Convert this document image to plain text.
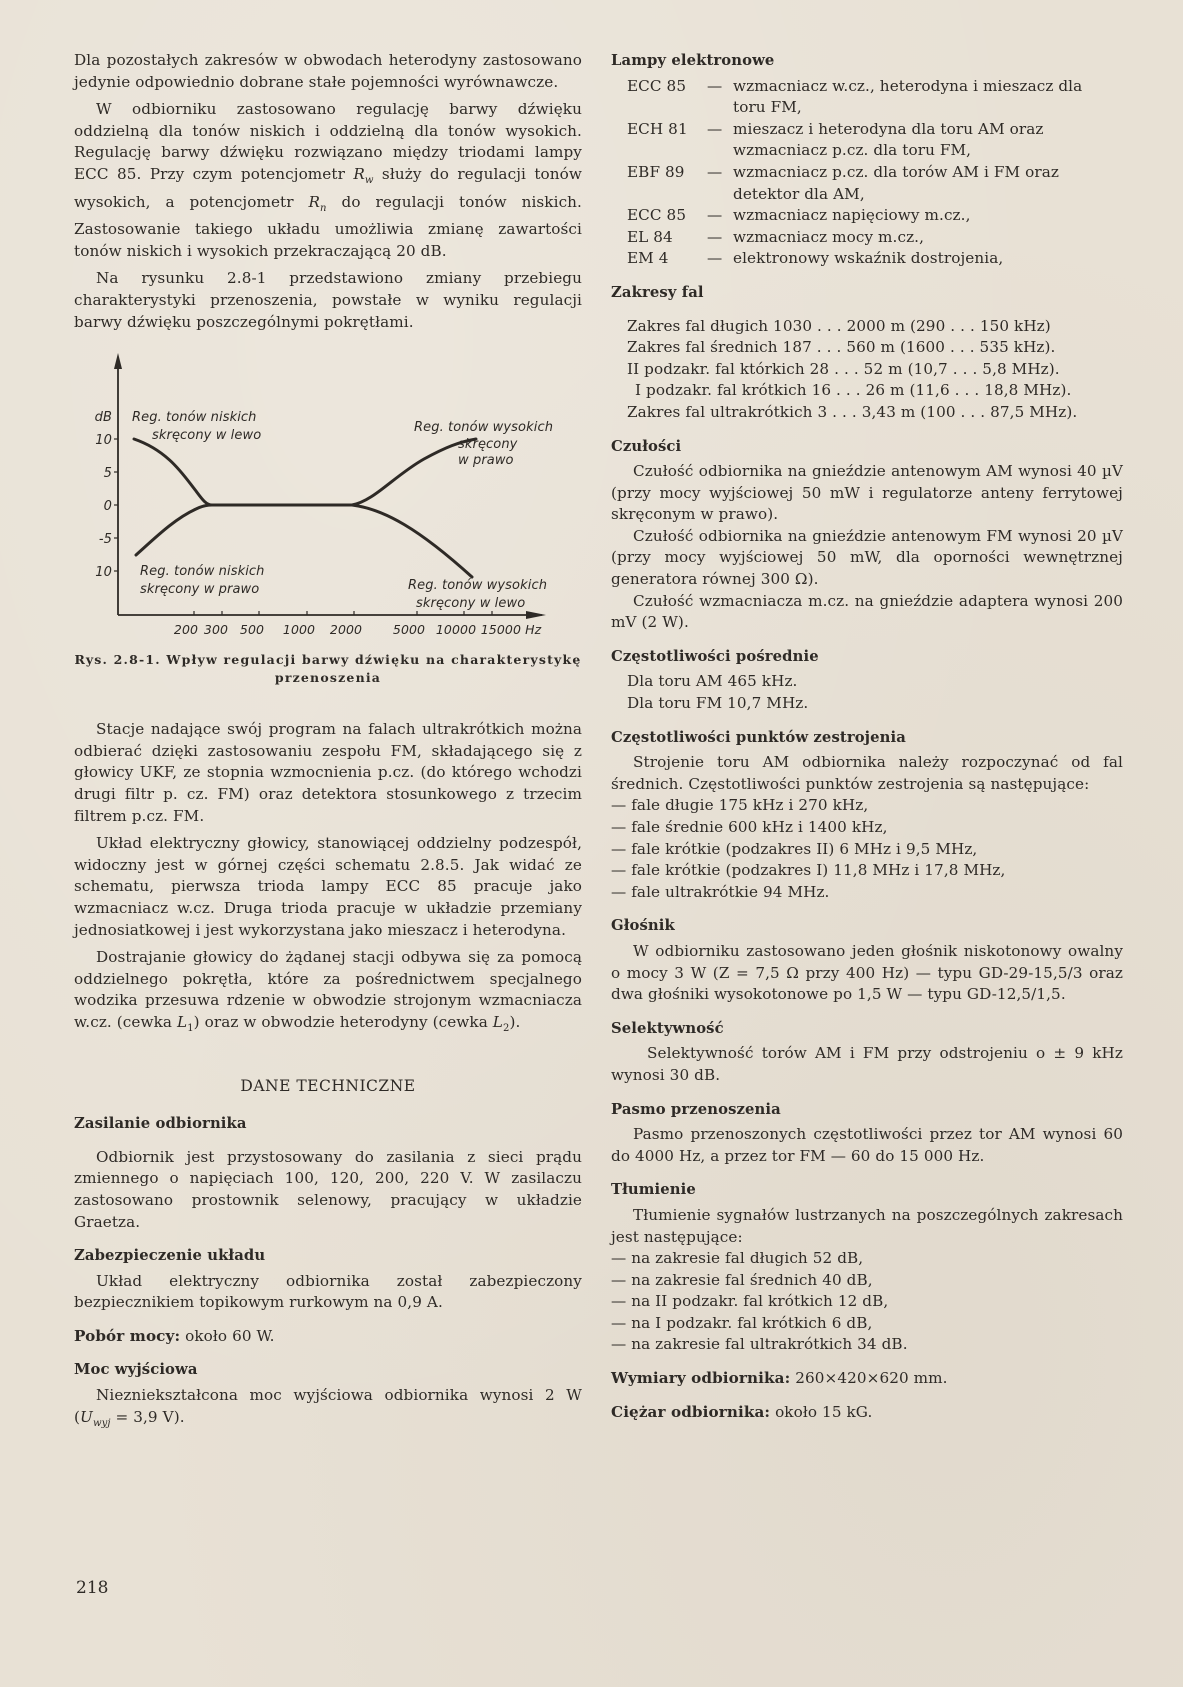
Dla pozostałych zakresów w obwodach heterodyny zastosowano jedynie odpowiednio dobrane stałe pojemności wyrównawcze.

W odbiorniku zastosowano regulację barwy dźwięku oddzielną dla tonów niskich i oddzielną dla tonów wysokich. Regulację barwy dźwięku rozwiązano między triodami lampy ECC 85. Przy czym potencjometr $R_w$ służy do regulacji tonów wysokich, a potencjometr $R_n$ do regulacji tonów niskich. Zastosowanie takiego układu umożliwia zmianę zawartości tonów niskich i wysokich przekraczającą 20 dB.

Na rysunku 2.8-1 przedstawiono zmiany przebiegu charakterystyki przenoszenia, powstałe w wyniku regulacji barwy dźwięku poszczególnymi pokrętłami.

dB
10
5
0
-5
10
200 300 500 1000 2000 5000 10000 15000 Hz
Reg. tonów niskich
skręcony w lewo
Reg. tonów niskich
skręcony w prawo
Reg. tonów wysokich
skręcony
w prawo
Reg. tonów wysokich
skręcony w lewo
Rys. 2.8-1. Wpływ regulacji barwy dźwięku na charakterystykę
przenoszenia

Stacje nadające swój program na falach ultrakrótkich można odbierać dzięki zastosowaniu zespołu FM, składającego się z głowicy UKF, ze stopnia wzmocnienia p.cz. (do którego wchodzi drugi filtr p. cz. FM) oraz detektora stosunkowego z trzecim filtrem p.cz. FM.

Układ elektryczny głowicy, stanowiącej oddzielny podzespół, widoczny jest w górnej części schematu 2.8.5. Jak widać ze schematu, pierwsza trioda lampy ECC 85 pracuje jako wzmacniacz w.cz. Druga trioda pracuje w układzie przemiany jednosiatkowej i jest wykorzystana jako mieszacz i heterodyna.

Dostrajanie głowicy do żądanej stacji odbywa się za pomocą oddzielnego pokrętła, które za pośrednictwem specjalnego wodzika przesuwa rdzenie w obwodzie strojonym wzmacniacza w.cz. (cewka $L_1$) oraz w obwodzie heterodyny (cewka $L_2$).

DANE TECHNICZNE

Zasilanie odbiornika

Odbiornik jest przystosowany do zasilania z sieci prądu zmiennego o napięciach 100, 120, 200, 220 V. W zasilaczu zastosowano prostownik selenowy, pracujący w układzie Graetza.

Zabezpieczenie układu

Układ elektryczny odbiornika został zabezpieczony bezpiecznikiem topikowym rurkowym na 0,9 A.

Pobór mocy: około 60 W.

Moc wyjściowa

Niezniekształcona moc wyjściowa odbiornika wynosi 2 W ($U_{wyj} = 3,9$ V).

218

Lampy elektronowe

ECC 85	— wzmacniacz w.cz., heterodyna i mieszacz dla
toru FM,
ECH 81	— mieszacz i heterodyna dla toru AM oraz
wzmacniacz p.cz. dla toru FM,
EBF 89	— wzmacniacz p.cz. dla torów AM i FM oraz
detektor dla AM,
ECC 85	— wzmacniacz napięciowy m.cz.,
EL 84	— wzmacniacz mocy m.cz.,
EM 4	— elektronowy wskaźnik dostrojenia,

Zakresy fal

Zakres fal długich 1030 . . . 2000 m (290 . . . 150 kHz)
Zakres fal średnich 187 . . . 560 m (1600 . . . 535 kHz).
II podzakr. fal którkich 28 . . . 52 m (10,7 . . . 5,8 MHz).
I podzakr. fal krótkich 16 . . . 26 m (11,6 . . . 18,8 MHz).
Zakres fal ultrakrótkich 3 . . . 3,43 m (100 . . . 87,5 MHz).

Czułości

Czułość odbiornika na gnieździe antenowym AM wynosi 40 µV (przy mocy wyjściowej 50 mW i regulatorze anteny ferrytowej skręconym w prawo).

Czułość odbiornika na gnieździe antenowym FM wynosi 20 µV (przy mocy wyjściowej 50 mW, dla oporności wewnętrznej generatora równej 300 Ω).

Czułość wzmacniacza m.cz. na gnieździe adaptera wynosi 200 mV (2 W).

Częstotliwości pośrednie

Dla toru AM 465 kHz.
Dla toru FM 10,7 MHz.

Częstotliwości punktów zestrojenia

Strojenie toru AM odbiornika należy rozpoczynać od fal średnich. Częstotliwości punktów zestrojenia są następujące:

— fale długie 175 kHz i 270 kHz,
— fale średnie 600 kHz i 1400 kHz,
— fale krótkie (podzakres II) 6 MHz i 9,5 MHz,
— fale krótkie (podzakres I) 11,8 MHz i 17,8 MHz,
— fale ultrakrótkie 94 MHz.

Głośnik

W odbiorniku zastosowano jeden głośnik niskotonowy owalny o mocy 3 W (Z = 7,5 Ω przy 400 Hz) — typu GD-29-15,5/3 oraz dwa głośniki wysokotonowe po 1,5 W — typu GD-12,5/1,5.

Selektywność

Selektywność torów AM i FM przy odstrojeniu o ± 9 kHz wynosi 30 dB.

Pasmo przenoszenia

Pasmo przenoszonych częstotliwości przez tor AM wynosi 60 do 4000 Hz, a przez tor FM — 60 do 15 000 Hz.

Tłumienie

Tłumienie sygnałów lustrzanych na poszczególnych zakresach jest następujące:

— na zakresie fal długich 52 dB,
— na zakresie fal średnich 40 dB,
— na II podzakr. fal krótkich 12 dB,
— na I podzakr. fal krótkich 6 dB,
— na zakresie fal ultrakrótkich 34 dB.

Wymiary odbiornika: 260×420×620 mm.

Ciężar odbiornika: około 15 kG.
